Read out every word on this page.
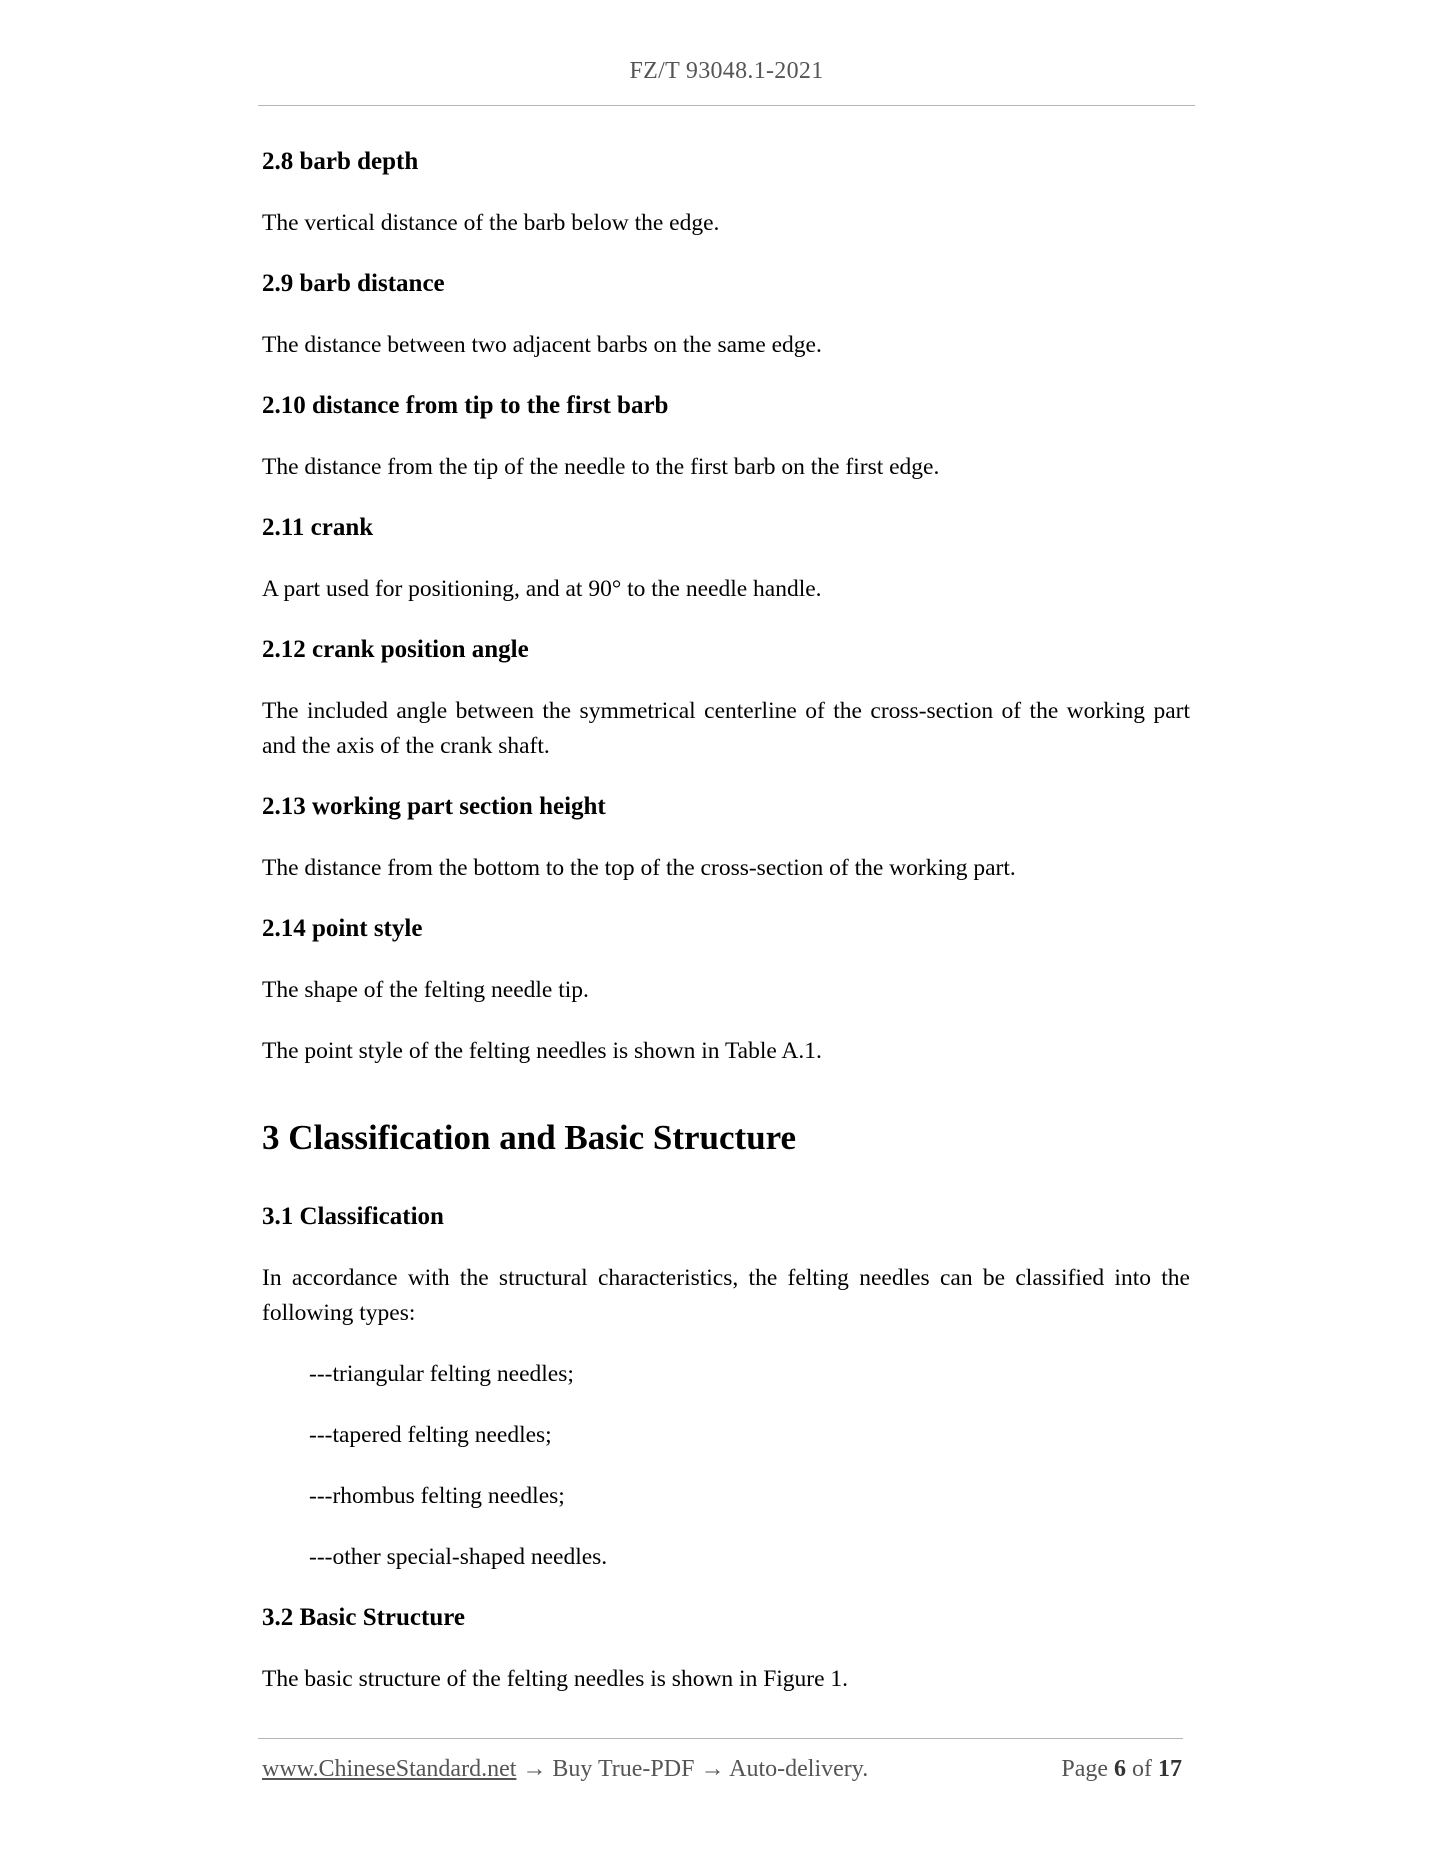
FZ/T 93048.1-2021
2.8 barb depth
The vertical distance of the barb below the edge.
2.9 barb distance
The distance between two adjacent barbs on the same edge.
2.10 distance from tip to the first barb
The distance from the tip of the needle to the first barb on the first edge.
2.11 crank
A part used for positioning, and at 90° to the needle handle.
2.12 crank position angle
The included angle between the symmetrical centerline of the cross-section of the working part and the axis of the crank shaft.
2.13 working part section height
The distance from the bottom to the top of the cross-section of the working part.
2.14 point style
The shape of the felting needle tip.
The point style of the felting needles is shown in Table A.1.
3 Classification and Basic Structure
3.1 Classification
In accordance with the structural characteristics, the felting needles can be classified into the following types:
---triangular felting needles;
---tapered felting needles;
---rhombus felting needles;
---other special-shaped needles.
3.2 Basic Structure
The basic structure of the felting needles is shown in Figure 1.
www.ChineseStandard.net → Buy True-PDF → Auto-delivery.	Page 6 of 17
